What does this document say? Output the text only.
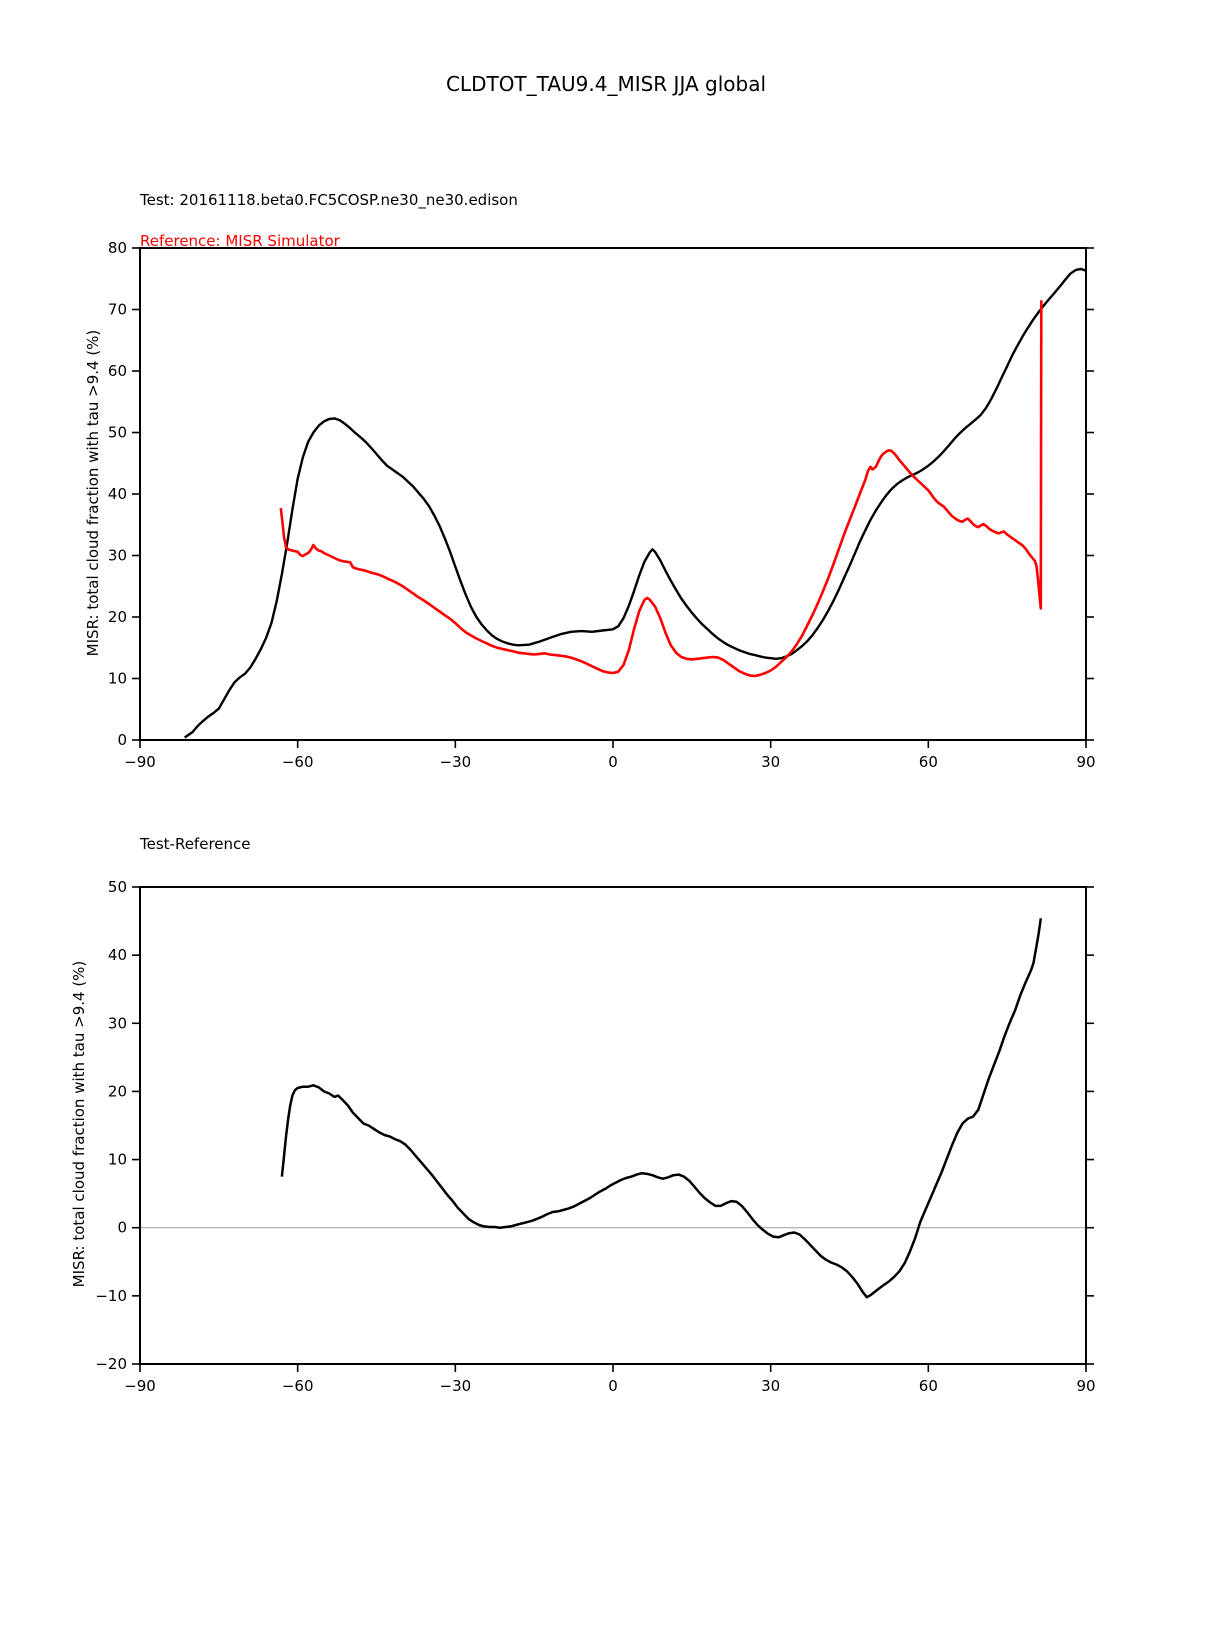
CLDTOT_TAU9.4_MISR JJA global
Test: 20161118.beta0.FC5COSP.ne30_ne30.edison
Reference: MISR Simulator
MISR: total cloud fraction with tau >9.4 (%)
Test-Reference
MISR: total cloud fraction with tau >9.4 (%)
−90	−60	−30	0	30	60	90
0
10
20
30
40
50
60
70
80
−90	−60	−30	0	30	60	90
−20
−10
0
10
20
30
40
50
